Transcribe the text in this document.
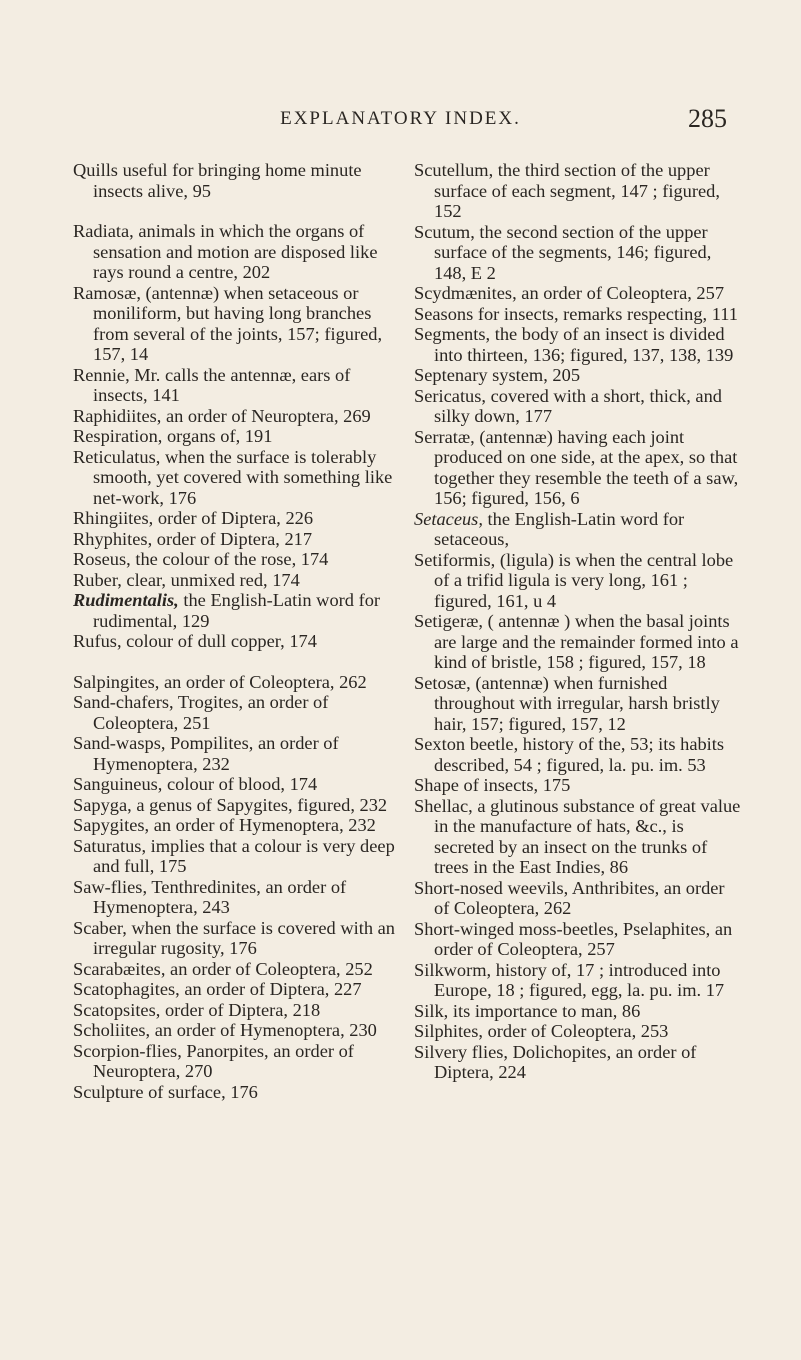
EXPLANATORY INDEX.	285
Quills useful for bringing home minute insects alive, 95
Radiata, animals in which the organs of sensation and motion are disposed like rays round a centre, 202
Ramosæ, (antennæ) when setaceous or moniliform, but having long branches from several of the joints, 157; figured, 157, 14
Rennie, Mr. calls the antennæ, ears of insects, 141
Raphidiites, an order of Neuroptera, 269
Respiration, organs of, 191
Reticulatus, when the surface is tolerably smooth, yet covered with something like net-work, 176
Rhingiites, order of Diptera, 226
Rhyphites, order of Diptera, 217
Roseus, the colour of the rose, 174
Ruber, clear, unmixed red, 174
Rudimentalis, the English-Latin word for rudimental, 129
Rufus, colour of dull copper, 174
Salpingites, an order of Coleoptera, 262
Sand-chafers, Trogites, an order of Coleoptera, 251
Sand-wasps, Pompilites, an order of Hymenoptera, 232
Sanguineus, colour of blood, 174
Sapyga, a genus of Sapygites, figured, 232
Sapygites, an order of Hymenoptera, 232
Saturatus, implies that a colour is very deep and full, 175
Saw-flies, Tenthredinites, an order of Hymenoptera, 243
Scaber, when the surface is covered with an irregular rugosity, 176
Scarabæites, an order of Coleoptera, 252
Scatophagites, an order of Diptera, 227
Scatopsites, order of Diptera, 218
Scholiites, an order of Hymenoptera, 230
Scorpion-flies, Panorpites, an order of Neuroptera, 270
Sculpture of surface, 176
Scutellum, the third section of the upper surface of each segment, 147 ; figured, 152
Scutum, the second section of the upper surface of the segments, 146; figured, 148, E 2
Scydmænites, an order of Coleoptera, 257
Seasons for insects, remarks respecting, 111
Segments, the body of an insect is divided into thirteen, 136; figured, 137, 138, 139
Septenary system, 205
Sericatus, covered with a short, thick, and silky down, 177
Serratæ, (antennæ) having each joint produced on one side, at the apex, so that together they resemble the teeth of a saw, 156; figured, 156, 6
Setaceus, the English-Latin word for setaceous,
Setiformis, (ligula) is when the central lobe of a trifid ligula is very long, 161 ; figured, 161, u 4
Setigeræ, ( antennæ ) when the basal joints are large and the remainder formed into a kind of bristle, 158 ; figured, 157, 18
Setosæ, (antennæ) when furnished throughout with irregular, harsh bristly hair, 157; figured, 157, 12
Sexton beetle, history of the, 53; its habits described, 54 ; figured, la. pu. im. 53
Shape of insects, 175
Shellac, a glutinous substance of great value in the manufacture of hats, &c., is secreted by an insect on the trunks of trees in the East Indies, 86
Short-nosed weevils, Anthribites, an order of Coleoptera, 262
Short-winged moss-beetles, Pselaphites, an order of Coleoptera, 257
Silkworm, history of, 17 ; introduced into Europe, 18 ; figured, egg, la. pu. im. 17
Silk, its importance to man, 86
Silphites, order of Coleoptera, 253
Silvery flies, Dolichopites, an order of Diptera, 224
